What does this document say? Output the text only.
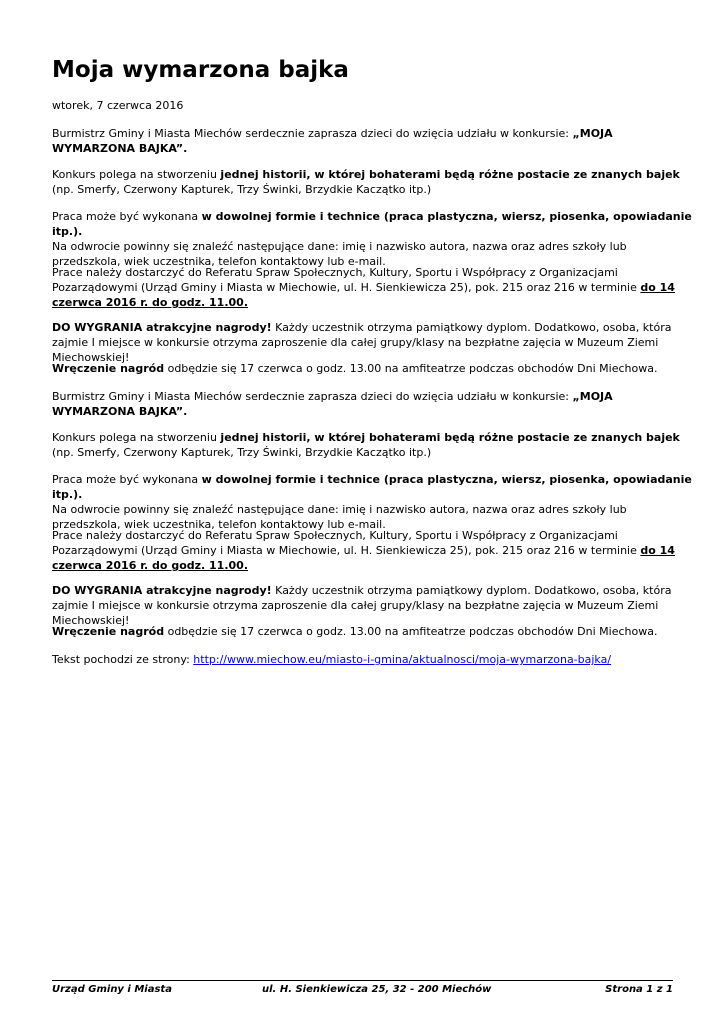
Moja wymarzona bajka

wtorek, 7 czerwca 2016

Burmistrz Gminy i Miasta Miechów serdecznie zaprasza dzieci do wzięcia udziału w konkursie: „MOJA WYMARZONA BAJKA”.

Konkurs polega na stworzeniu jednej historii, w której bohaterami będą różne postacie ze znanych bajek (np. Smerfy, Czerwony Kapturek, Trzy Świnki, Brzydkie Kaczątko itp.)

Praca może być wykonana w dowolnej formie i technice (praca plastyczna, wiersz, piosenka, opowiadanie itp.).
Na odwrocie powinny się znaleźć następujące dane: imię i nazwisko autora, nazwa oraz adres szkoły lub przedszkola, wiek uczestnika, telefon kontaktowy lub e-mail.

Prace należy dostarczyć do Referatu Spraw Społecznych, Kultury, Sportu i Współpracy z Organizacjami Pozarządowymi (Urząd Gminy i Miasta w Miechowie, ul. H. Sienkiewicza 25), pok. 215 oraz 216 w terminie do 14 czerwca 2016 r. do godz. 11.00.

DO WYGRANIA atrakcyjne nagrody! Każdy uczestnik otrzyma pamiątkowy dyplom. Dodatkowo, osoba, która zajmie I miejsce w konkursie otrzyma zaproszenie dla całej grupy/klasy na bezpłatne zajęcia w Muzeum Ziemi Miechowskiej!

Wręczenie nagród odbędzie się 17 czerwca o godz. 13.00 na amfiteatrze podczas obchodów Dni Miechowa.

Burmistrz Gminy i Miasta Miechów serdecznie zaprasza dzieci do wzięcia udziału w konkursie: „MOJA WYMARZONA BAJKA”.

Konkurs polega na stworzeniu jednej historii, w której bohaterami będą różne postacie ze znanych bajek (np. Smerfy, Czerwony Kapturek, Trzy Świnki, Brzydkie Kaczątko itp.)

Praca może być wykonana w dowolnej formie i technice (praca plastyczna, wiersz, piosenka, opowiadanie itp.).
Na odwrocie powinny się znaleźć następujące dane: imię i nazwisko autora, nazwa oraz adres szkoły lub przedszkola, wiek uczestnika, telefon kontaktowy lub e-mail.

Prace należy dostarczyć do Referatu Spraw Społecznych, Kultury, Sportu i Współpracy z Organizacjami Pozarządowymi (Urząd Gminy i Miasta w Miechowie, ul. H. Sienkiewicza 25), pok. 215 oraz 216 w terminie do 14 czerwca 2016 r. do godz. 11.00.

DO WYGRANIA atrakcyjne nagrody! Każdy uczestnik otrzyma pamiątkowy dyplom. Dodatkowo, osoba, która zajmie I miejsce w konkursie otrzyma zaproszenie dla całej grupy/klasy na bezpłatne zajęcia w Muzeum Ziemi Miechowskiej!

Wręczenie nagród odbędzie się 17 czerwca o godz. 13.00 na amfiteatrze podczas obchodów Dni Miechowa.

Tekst pochodzi ze strony: http://www.miechow.eu/miasto-i-gmina/aktualnosci/moja-wymarzona-bajka/

Urząd Gminy i Miasta	ul. H. Sienkiewicza 25, 32 - 200 Miechów	Strona 1 z 1
